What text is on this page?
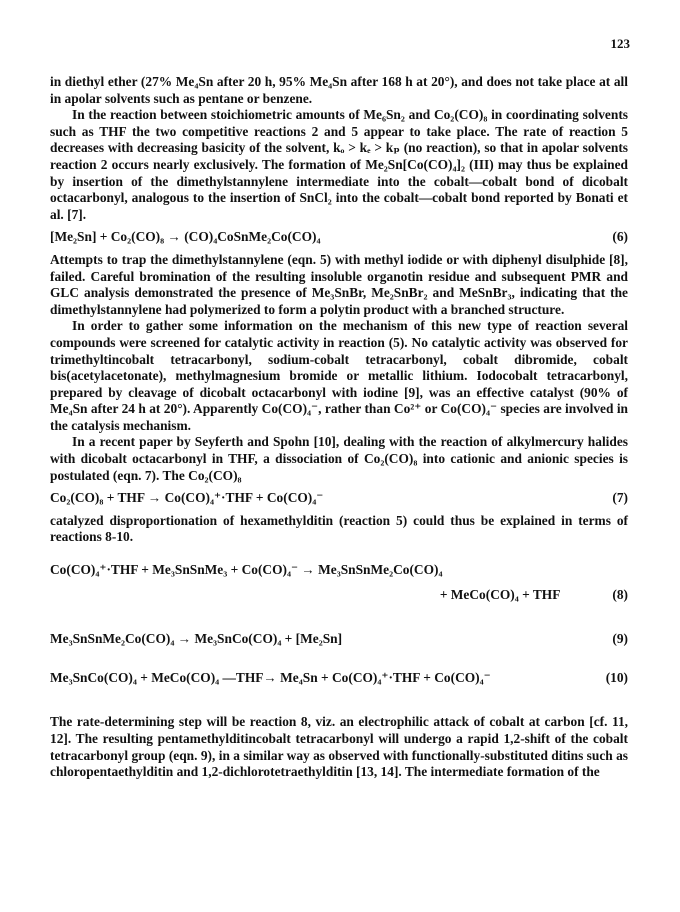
123

in diethyl ether (27% Me₄Sn after 20 h, 95% Me₄Sn after 168 h at 20°), and does not take place at all in apolar solvents such as pentane or benzene.

In the reaction between stoichiometric amounts of Me₆Sn₂ and Co₂(CO)₈ in coordinating solvents such as THF the two competitive reactions 2 and 5 appear to take place. The rate of reaction 5 decreases with decreasing basicity of the solvent, kₒ > kₑ > kₚ (no reaction), so that in apolar solvents reaction 2 occurs nearly exclusively. The formation of Me₂Sn[Co(CO)₄]₂ (III) may thus be explained by insertion of the dimethylstannylene intermediate into the cobalt—cobalt bond of dicobalt octacarbonyl, analogous to the insertion of SnCl₂ into the cobalt—cobalt bond reported by Bonati et al. [7].

[Me₂Sn] + Co₂(CO)₈ → (CO)₄CoSnMe₂Co(CO)₄	(6)

Attempts to trap the dimethylstannylene (eqn. 5) with methyl iodide or with diphenyl disulphide [8], failed. Careful bromination of the resulting insoluble organotin residue and subsequent PMR and GLC analysis demonstrated the presence of Me₃SnBr, Me₂SnBr₂ and MeSnBr₃, indicating that the dimethylstannylene had polymerized to form a polytin product with a branched structure.

In order to gather some information on the mechanism of this new type of reaction several compounds were screened for catalytic activity in reaction (5). No catalytic activity was observed for trimethyltincobalt tetracarbonyl, sodium-cobalt tetracarbonyl, cobalt dibromide, cobalt bis(acetylacetonate), methylmagnesium bromide or metallic lithium. Iodocobalt tetracarbonyl, prepared by cleavage of dicobalt octacarbonyl with iodine [9], was an effective catalyst (90% of Me₄Sn after 24 h at 20°). Apparently Co(CO)₄⁻, rather than Co²⁺ or Co(CO)₄⁻ species are involved in the catalysis mechanism.

In a recent paper by Seyferth and Spohn [10], dealing with the reaction of alkylmercury halides with dicobalt octacarbonyl in THF, a dissociation of Co₂(CO)₈ into cationic and anionic species is postulated (eqn. 7). The Co₂(CO)₈

Co₂(CO)₈ + THF → Co(CO)₄⁺·THF + Co(CO)₄⁻	(7)

catalyzed disproportionation of hexamethylditin (reaction 5) could thus be explained in terms of reactions 8-10.

Co(CO)₄⁺·THF + Me₃SnSnMe₃ + Co(CO)₄⁻ → Me₃SnSnMe₂Co(CO)₄
+ MeCo(CO)₄ + THF	(8)
Me₃SnSnMe₂Co(CO)₄ → Me₃SnCo(CO)₄ + [Me₂Sn]	(9)
Me₃SnCo(CO)₄ + MeCo(CO)₄ —THF→ Me₄Sn + Co(CO)₄⁺·THF + Co(CO)₄⁻	(10)

The rate-determining step will be reaction 8, viz. an electrophilic attack of cobalt at carbon [cf. 11, 12]. The resulting pentamethylditincobalt tetracarbonyl will undergo a rapid 1,2-shift of the cobalt tetracarbonyl group (eqn. 9), in a similar way as observed with functionally-substituted ditins such as chloropentaethylditin and 1,2-dichlorotetraethylditin [13, 14]. The intermediate formation of the
